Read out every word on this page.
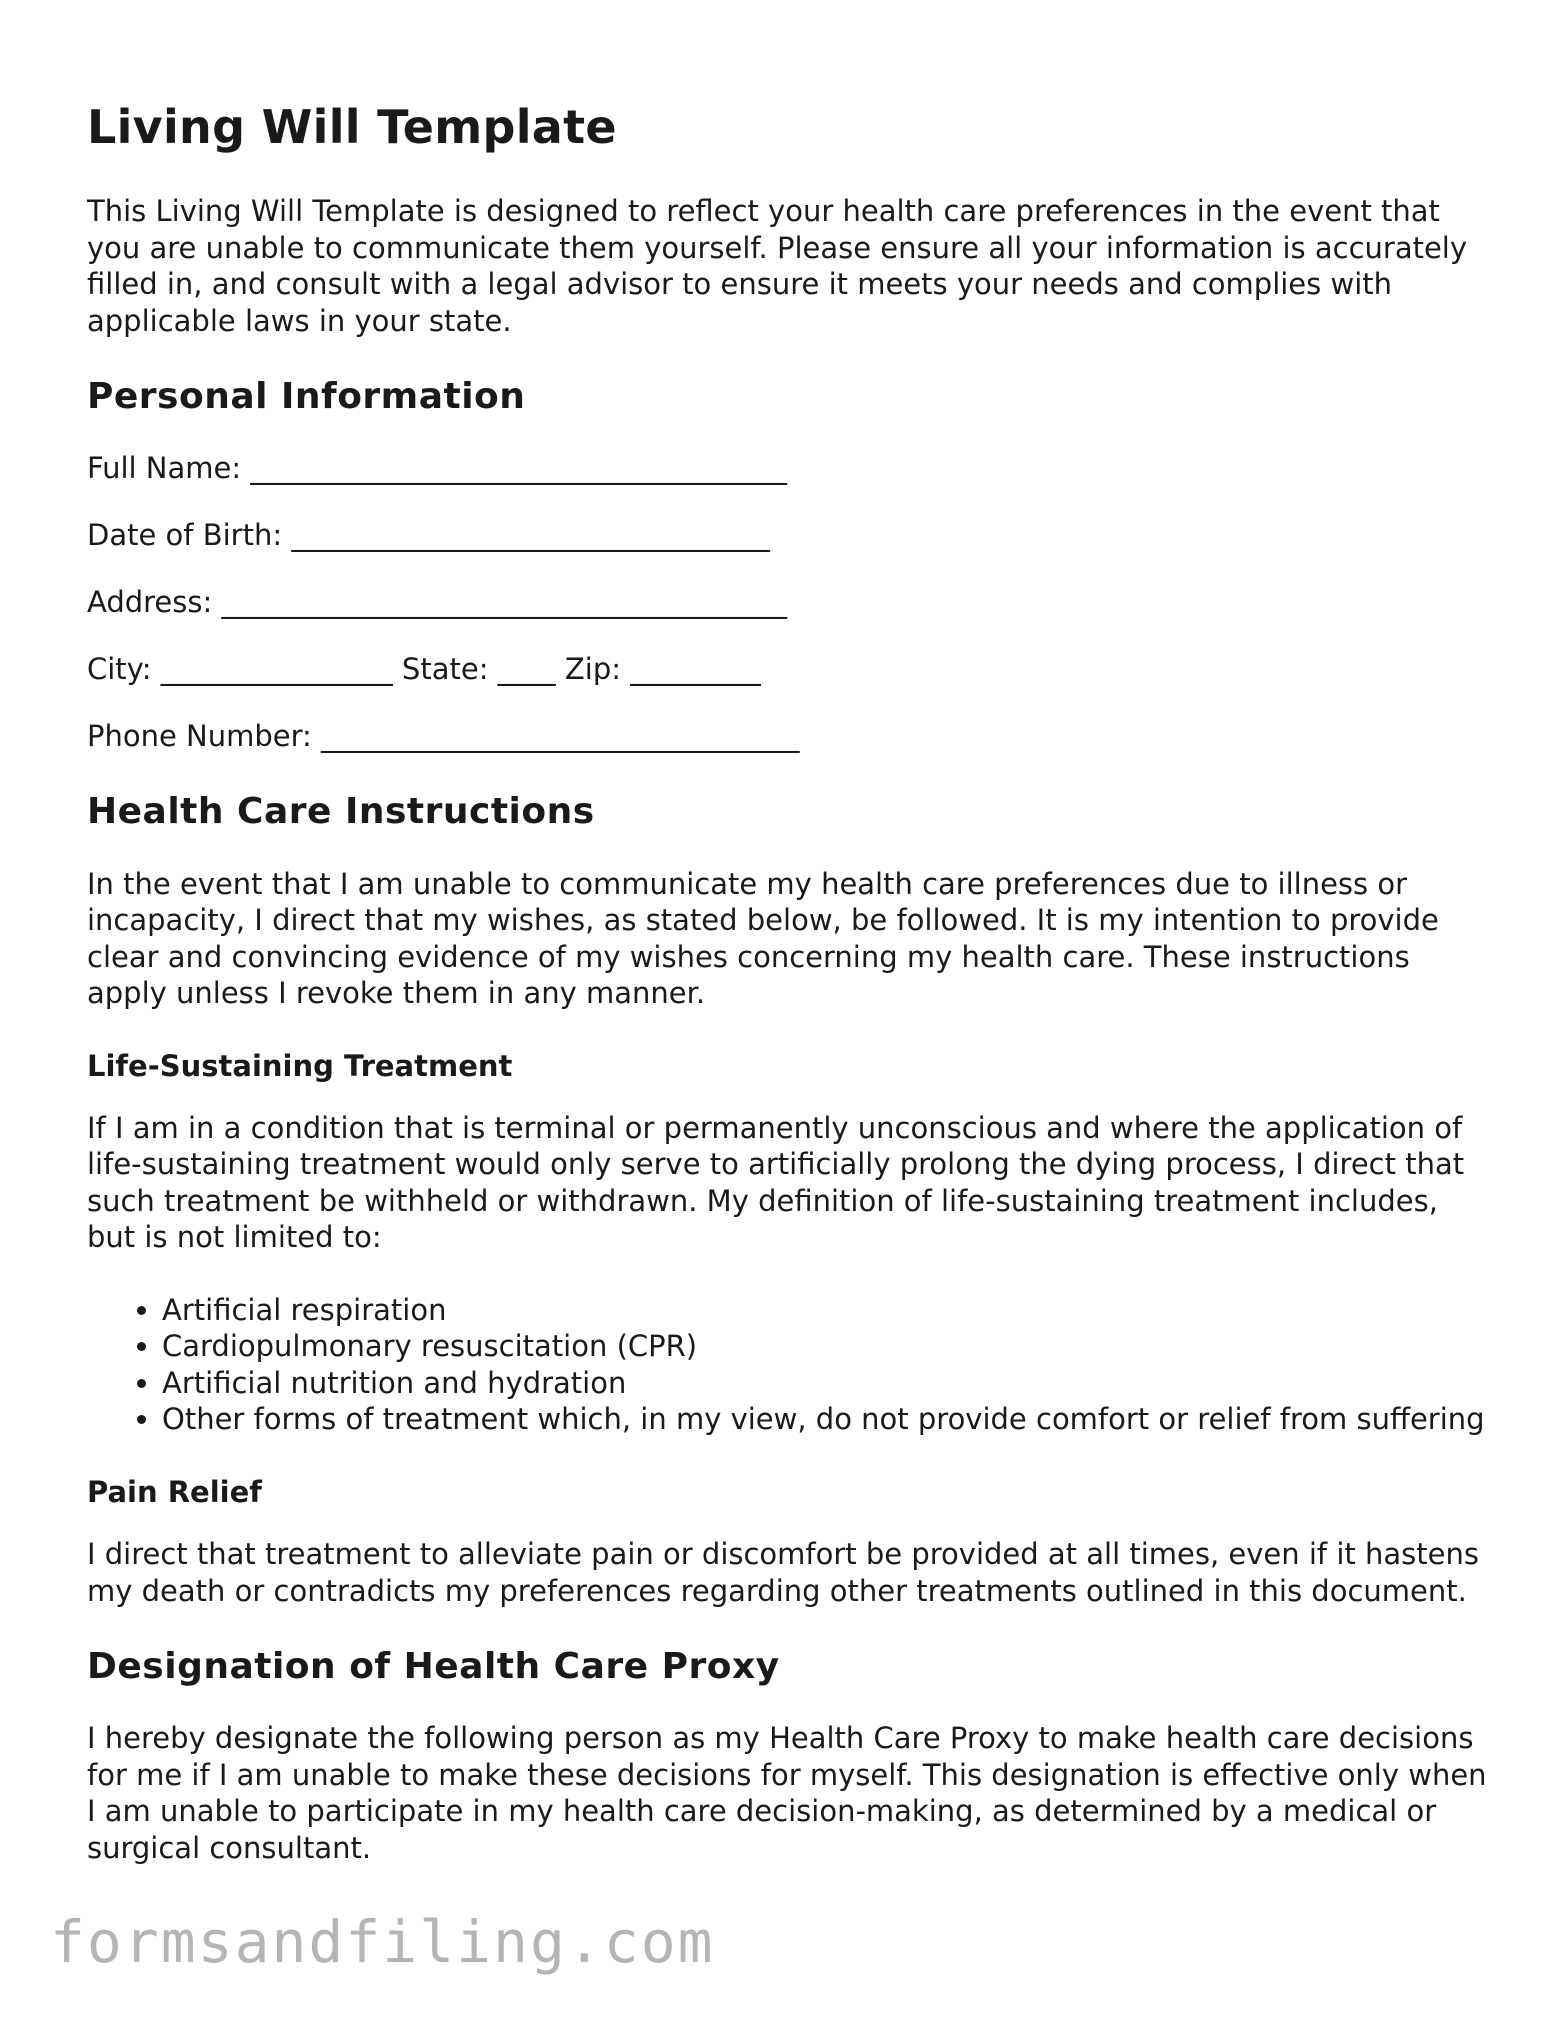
Living Will Template

This Living Will Template is designed to reflect your health care preferences in the event that you are unable to communicate them yourself. Please ensure all your information is accurately filled in, and consult with a legal advisor to ensure it meets your needs and complies with applicable laws in your state.

Personal Information
Full Name: _____________________________________
Date of Birth: _________________________________
Address: _______________________________________
City: ________________ State: ____ Zip: _________
Phone Number: _________________________________
Health Care Instructions

In the event that I am unable to communicate my health care preferences due to illness or incapacity, I direct that my wishes, as stated below, be followed. It is my intention to provide clear and convincing evidence of my wishes concerning my health care. These instructions apply unless I revoke them in any manner.

Life-Sustaining Treatment

If I am in a condition that is terminal or permanently unconscious and where the application of life-sustaining treatment would only serve to artificially prolong the dying process, I direct that such treatment be withheld or withdrawn. My definition of life-sustaining treatment includes, but is not limited to:

• Artificial respiration
• Cardiopulmonary resuscitation (CPR)
• Artificial nutrition and hydration
• Other forms of treatment which, in my view, do not provide comfort or relief from suffering
Pain Relief

I direct that treatment to alleviate pain or discomfort be provided at all times, even if it hastens my death or contradicts my preferences regarding other treatments outlined in this document.

Designation of Health Care Proxy

I hereby designate the following person as my Health Care Proxy to make health care decisions for me if I am unable to make these decisions for myself. This designation is effective only when I am unable to participate in my health care decision-making, as determined by a medical or surgical consultant.

formsandfiling.com
